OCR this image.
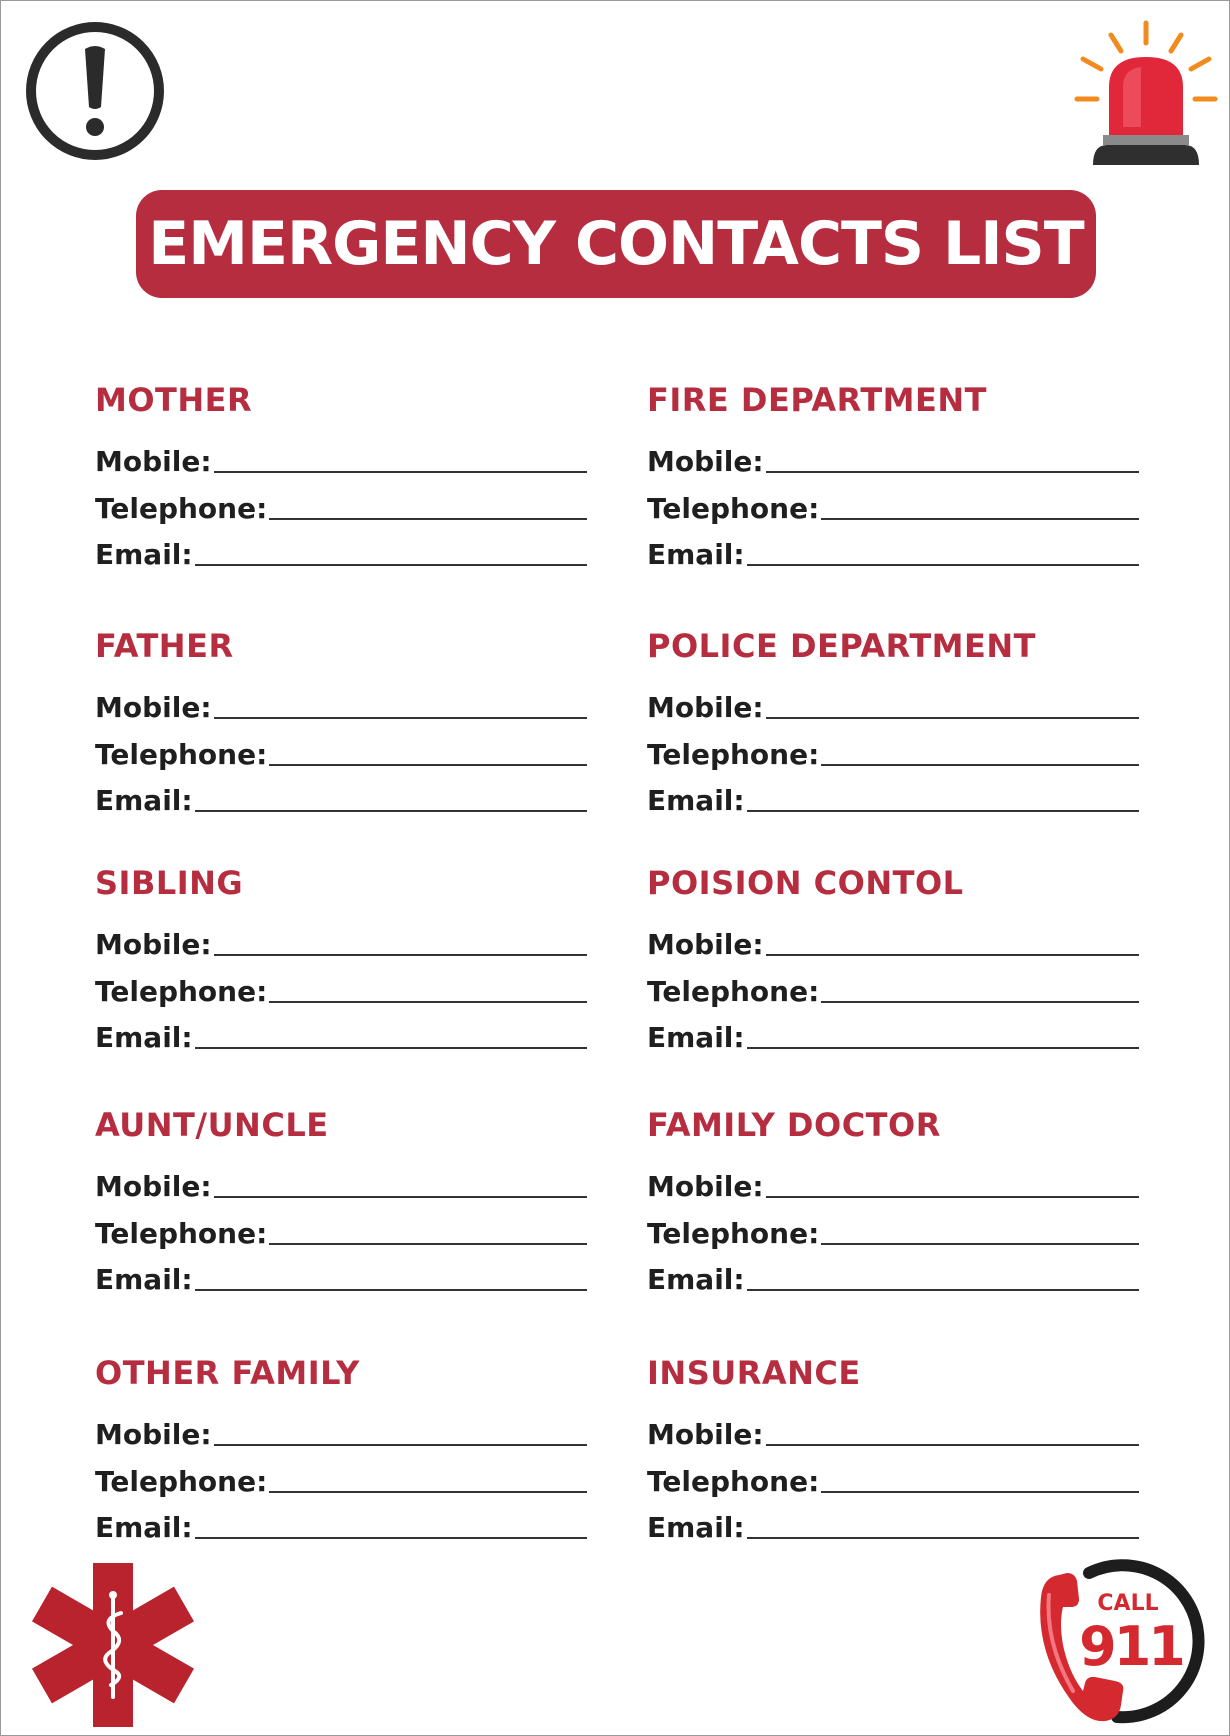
EMERGENCY CONTACTS LIST
MOTHER
Mobile:
Telephone:
Email:
FATHER
Mobile:
Telephone:
Email:
SIBLING
Mobile:
Telephone:
Email:
AUNT/UNCLE
Mobile:
Telephone:
Email:
OTHER FAMILY
Mobile:
Telephone:
Email:
FIRE DEPARTMENT
Mobile:
Telephone:
Email:
POLICE DEPARTMENT
Mobile:
Telephone:
Email:
POISION CONTOL
Mobile:
Telephone:
Email:
FAMILY DOCTOR
Mobile:
Telephone:
Email:
INSURANCE
Mobile:
Telephone:
Email:
CALL
911
